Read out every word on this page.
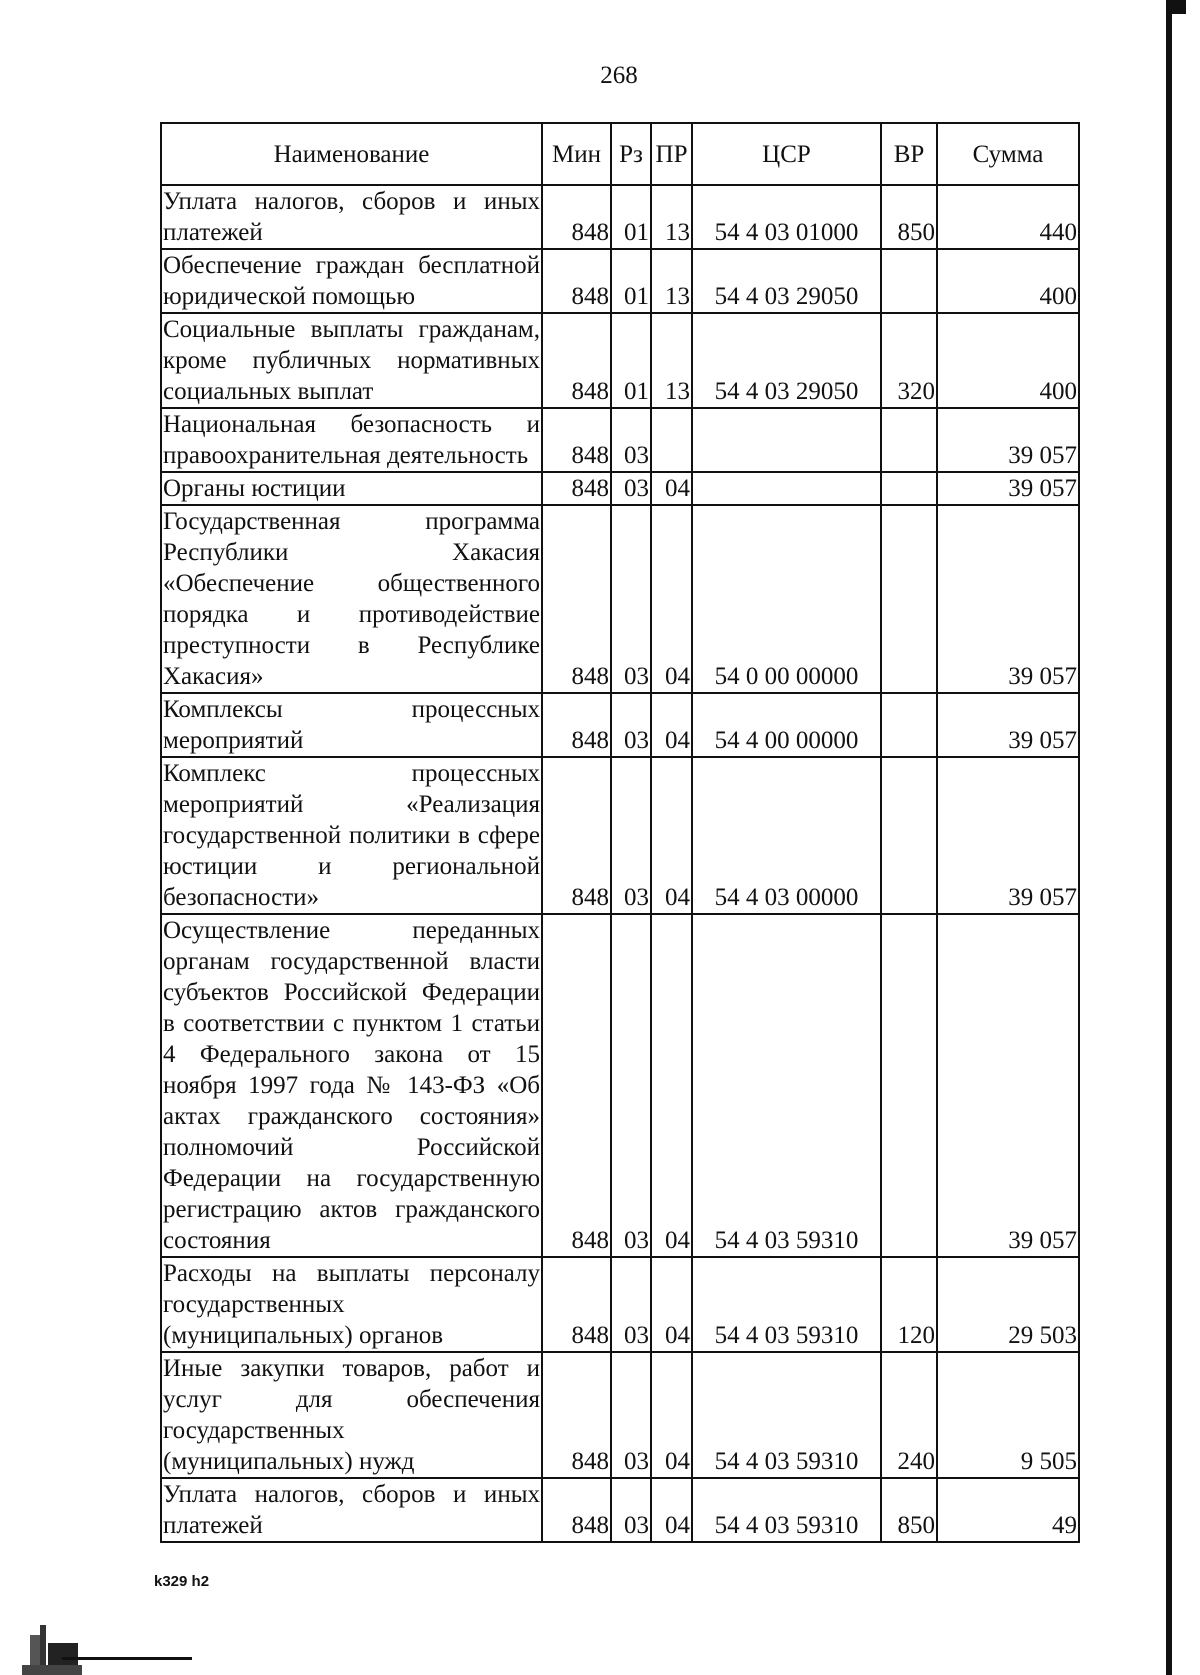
268
Наименование	Мин	Рз	ПР	ЦСР	ВР	Сумма
Уплата налогов, сборов и иных платежей	848	01	13	54 4 03 01000	850	440
Обеспечение граждан бесплатной юридической помощью	848	01	13	54 4 03 29050		400
Социальные выплаты гражданам, кроме публичных нормативных социальных выплат	848	01	13	54 4 03 29050	320	400
Национальная безопасность и правоохранительная деятельность	848	03				39 057
Органы юстиции	848	03	04			39 057
Государственная программа Республики Хакасия «Обеспечение общественного порядка и противодействие преступности в Республике Хакасия»	848	03	04	54 0 00 00000		39 057
Комплексы процессных мероприятий	848	03	04	54 4 00 00000		39 057
Комплекс процессных мероприятий «Реализация государственной политики в сфере юстиции и региональной безопасности»	848	03	04	54 4 03 00000		39 057
Осуществление переданных органам государственной власти субъектов Российской Федерации в соответствии с пунктом 1 статьи 4 Федерального закона от 15 ноября 1997 года № 143-ФЗ «Об актах гражданского состояния» полномочий Российской Федерации на государственную регистрацию актов гражданского состояния	848	03	04	54 4 03 59310		39 057
Расходы на выплаты персоналу государственных (муниципальных) органов	848	03	04	54 4 03 59310	120	29 503
Иные закупки товаров, работ и услуг для обеспечения государственных (муниципальных) нужд	848	03	04	54 4 03 59310	240	9 505
Уплата налогов, сборов и иных платежей	848	03	04	54 4 03 59310	850	49
k329 h2
